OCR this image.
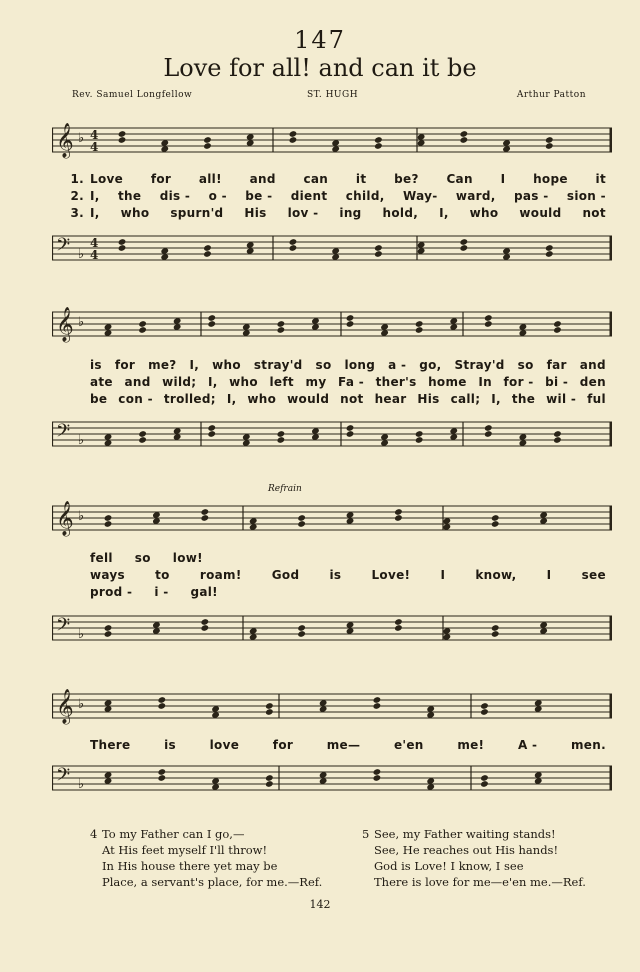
147
Love for all! and can it be
Rev. Samuel Longfellow	ST. HUGH	Arthur Patton
𝄞 ♭ 4
4
1. Love for all! and can it be? Can I hope it
2. I, the dis - o - be - dient child, Way- ward, pas - sion -
3. I, who spurn'd His lov - ing hold, I, who would not
𝄢 ♭
4
4
𝄞 ♭
is for me? I, who stray'd so long a - go, Stray'd so far and
ate and wild; I, who left my Fa - ther's home In for - bi - den
be con - trolled; I, who would not hear His call; I, the wil - ful
𝄢 ♭
Refrain
𝄞 ♭
fell so low!
ways	to	roam!	God	is	Love!	I	know,	I	see
prod - i - gal!
𝄢 ♭
𝄞 ♭
There	is	love	for	me—	e'en	me!	A -	men.
𝄢 ♭
4 To my Father can I go,—
At His feet myself I'll throw!
In His house there yet may be
Place, a servant's place, for me.—Ref.
5 See, my Father waiting stands!
See, He reaches out His hands!
God is Love! I know, I see
There is love for me—e'en me.—Ref.
142
